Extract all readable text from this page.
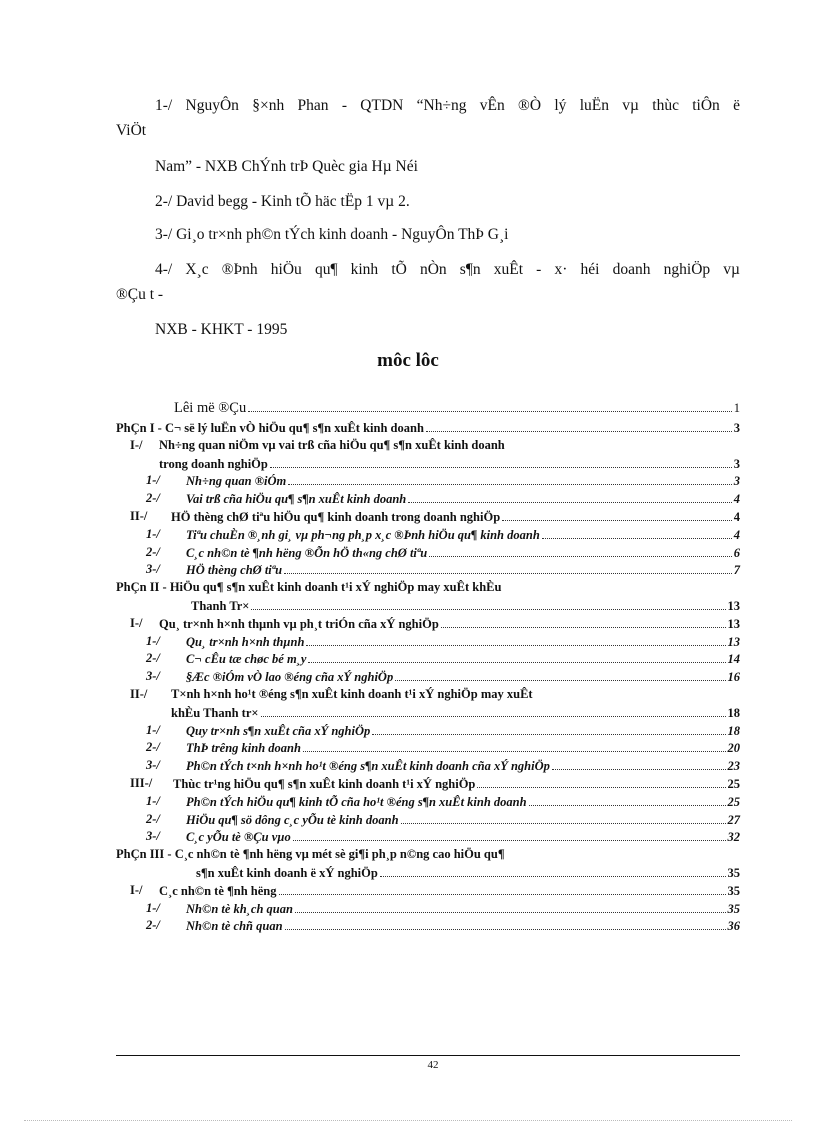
1-/ NguyÔn §×nh Phan - QTDN “Nh÷ng vÊn ®Ò lý luËn vµ thùc tiÔn ë

ViÖt

Nam” - NXB ChÝnh trÞ Quèc gia Hµ Néi

2-/ David begg - Kinh tÕ häc tËp 1 vµ 2.

3-/ Gi¸o tr×nh ph©n tÝch kinh doanh - NguyÔn ThÞ G¸i

4-/ X¸c ®Þnh hiÖu qu¶ kinh tÕ nÒn s¶n xuÊt - x· héi doanh nghiÖp vµ

®Çu t -

NXB - KHKT - 1995

môc lôc
Lêi më ®Çu	1
PhÇn I - C¬ së lý luËn vÒ hiÖu qu¶ s¶n xuÊt kinh doanh	3
I-/ Nh÷ng quan niÖm vµ vai trß cña hiÖu qu¶ s¶n xuÊt kinh doanh
trong doanh nghiÖp	3
1-/ Nh÷ng quan ®iÓm	3
2-/ Vai trß cña hiÖu qu¶ s¶n xuÊt kinh doanh	4
II-/ HÖ thèng chØ tiªu hiÖu qu¶ kinh doanh trong doanh nghiÖp	4
1-/ Tiªu chuÈn ®¸nh gi¸ vµ ph¬ng ph¸p x¸c ®Þnh hiÖu qu¶ kinh doanh	4
2-/ C¸c nh©n tè ¶nh hëng ®Õn hÖ th«ng chØ tiªu	6
3-/ HÖ thèng chØ tiªu	7
PhÇn II - HiÖu qu¶ s¶n xuÊt kinh doanh t¹i xÝ nghiÖp may xuÊt khÈu
Thanh Tr×	13
I-/ Qu¸ tr×nh h×nh thµnh vµ ph¸t triÓn cña xÝ nghiÖp	13
1-/ Qu¸ tr×nh h×nh thµnh	13
2-/ C¬ cÊu tæ chøc bé m¸y	14
3-/ §Æc ®iÓm vÒ lao ®éng cña xÝ nghiÖp	16
II-/ T×nh h×nh ho¹t ®éng s¶n xuÊt kinh doanh t¹i xÝ nghiÖp may xuÊt
khÈu Thanh tr×	18
1-/ Quy tr×nh s¶n xuÊt cña xÝ nghiÖp	18
2-/ ThÞ trêng kinh doanh	20
3-/ Ph©n tÝch t×nh h×nh ho¹t ®éng s¶n xuÊt kinh doanh cña xÝ nghiÖp	23
III-/ Thùc tr¹ng hiÖu qu¶ s¶n xuÊt kinh doanh t¹i xÝ nghiÖp	25
1-/ Ph©n tÝch hiÖu qu¶ kinh tÕ cña ho¹t ®éng s¶n xuÊt kinh doanh	25
2-/ HiÖu qu¶ sö dông c¸c yÕu tè kinh doanh	27
3-/ C¸c yÕu tè ®Çu vµo	32
PhÇn III - C¸c nh©n tè ¶nh hëng vµ mét sè gi¶i ph¸p n©ng cao hiÖu qu¶
s¶n xuÊt kinh doanh ë xÝ nghiÖp	35
I-/ C¸c nh©n tè ¶nh hëng	35
1-/ Nh©n tè kh¸ch quan	35
2-/ Nh©n tè chñ quan	36
42
